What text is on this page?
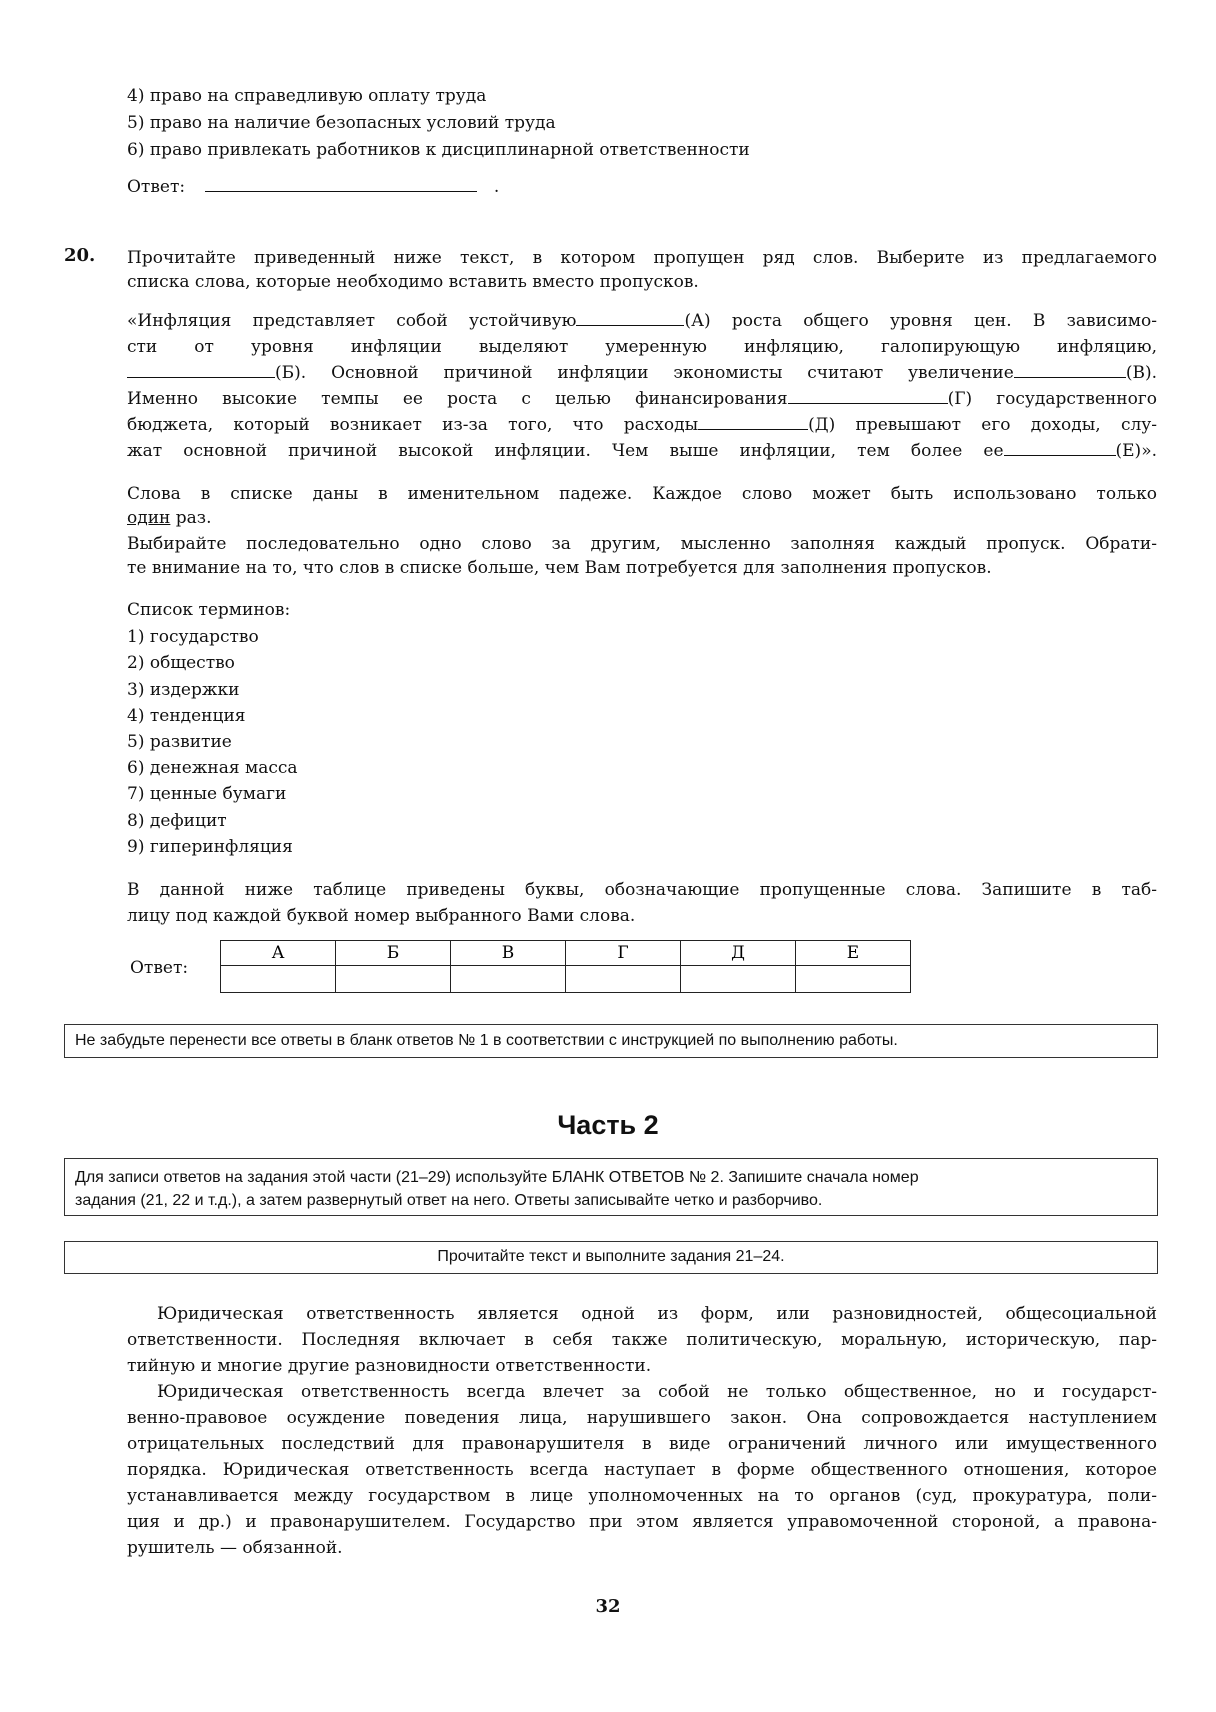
4) право на справедливую оплату труда
5) право на наличие безопасных условий труда
6) право привлекать работников к дисциплинарной ответственности
Ответ:	.
20. Прочитайте приведенный ниже текст, в котором пропущен ряд слов. Выберите из предлагаемого
списка слова, которые необходимо вставить вместо пропусков.
«Инфляция представляет собой устойчивую	(А) роста общего уровня цен. В зависимо-
сти от уровня инфляции выделяют умеренную инфляцию, галопирующую инфляцию,
(Б). Основной причиной инфляции экономисты считают увеличение	(В).
Именно высокие темпы ее роста с целью финансирования	(Г) государственного
бюджета, который возникает из-за того, что расходы	(Д) превышают его доходы, слу-
жат основной причиной высокой инфляции. Чем выше инфляции, тем более ее	(Е)».
Слова в списке даны в именительном падеже. Каждое слово может быть использовано только
один раз.
Выбирайте последовательно одно слово за другим, мысленно заполняя каждый пропуск. Обрати-
те внимание на то, что слов в списке больше, чем Вам потребуется для заполнения пропусков.
Список терминов:
1) государство
2) общество
3) издержки
4) тенденция
5) развитие
6) денежная масса
7) ценные бумаги
8) дефицит
9) гиперинфляция
В данной ниже таблице приведены буквы, обозначающие пропущенные слова. Запишите в таб-
лицу под каждой буквой номер выбранного Вами слова.
Ответ:
А	Б	В	Г	Д	Е

Не забудьте перенести все ответы в бланк ответов № 1 в соответствии с инструкцией по выполнению работы.
Часть 2
Для записи ответов на задания этой части (21–29) используйте БЛАНК ОТВЕТОВ № 2. Запишите сначала номер
задания (21, 22 и т.д.), а затем развернутый ответ на него. Ответы записывайте четко и разборчиво.
Прочитайте текст и выполните задания 21–24.
Юридическая ответственность является одной из форм, или разновидностей, общесоциальной
ответственности. Последняя включает в себя также политическую, моральную, историческую, пар-
тийную и многие другие разновидности ответственности.
Юридическая ответственность всегда влечет за собой не только общественное, но и государст-
венно-правовое осуждение поведения лица, нарушившего закон. Она сопровождается наступлением
отрицательных последствий для правонарушителя в виде ограничений личного или имущественного
порядка. Юридическая ответственность всегда наступает в форме общественного отношения, которое
устанавливается между государством в лице уполномоченных на то органов (суд, прокуратура, поли-
ция и др.) и правонарушителем. Государство при этом является управомоченной стороной, а правона-
рушитель — обязанной.
32
